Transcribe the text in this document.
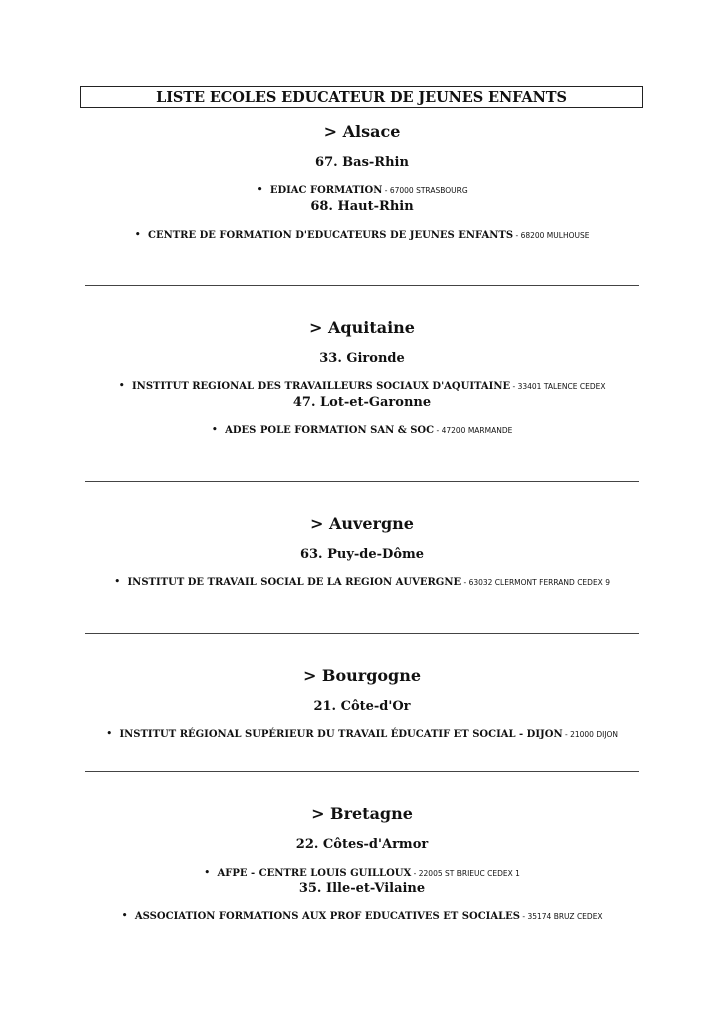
LISTE ECOLES EDUCATEUR DE JEUNES ENFANTS
> Alsace
67. Bas-Rhin
• EDIAC FORMATION - 67000 STRASBOURG
68. Haut-Rhin
• CENTRE DE FORMATION D'EDUCATEURS DE JEUNES ENFANTS - 68200 MULHOUSE
> Aquitaine
33. Gironde
• INSTITUT REGIONAL DES TRAVAILLEURS SOCIAUX D'AQUITAINE - 33401 TALENCE CEDEX
47. Lot-et-Garonne
• ADES POLE FORMATION SAN & SOC - 47200 MARMANDE
> Auvergne
63. Puy-de-Dôme
• INSTITUT DE TRAVAIL SOCIAL DE LA REGION AUVERGNE - 63032 CLERMONT FERRAND CEDEX 9
> Bourgogne
21. Côte-d'Or
• INSTITUT RÉGIONAL SUPÉRIEUR DU TRAVAIL ÉDUCATIF ET SOCIAL - DIJON - 21000 DIJON
> Bretagne
22. Côtes-d'Armor
• AFPE - CENTRE LOUIS GUILLOUX - 22005 ST BRIEUC CEDEX 1
35. Ille-et-Vilaine
• ASSOCIATION FORMATIONS AUX PROF EDUCATIVES ET SOCIALES - 35174 BRUZ CEDEX
